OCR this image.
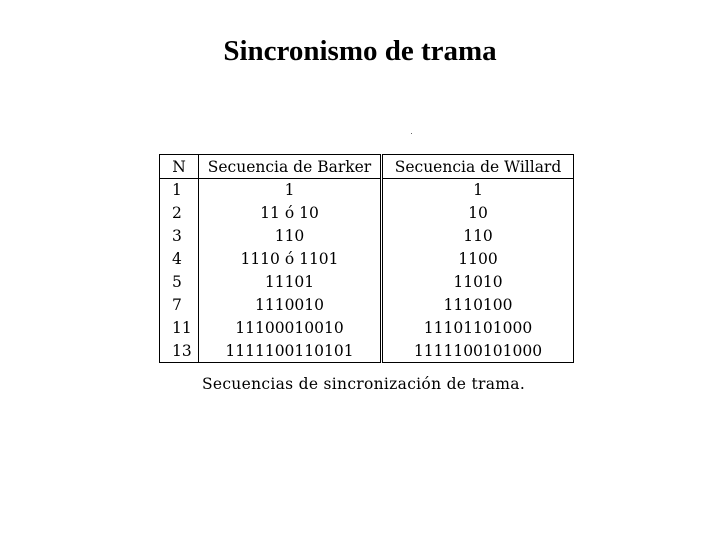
Sincronismo de trama
N	Secuencia de Barker	Secuencia de Willard
1	1	1
2	11 ó 10	10
3	110	110
4	1110 ó 1101	1100
5	11101	11010
7	1110010	1110100
11	11100010010	11101101000
13	1111100110101	1111100101000
Secuencias de sincronización de trama.
